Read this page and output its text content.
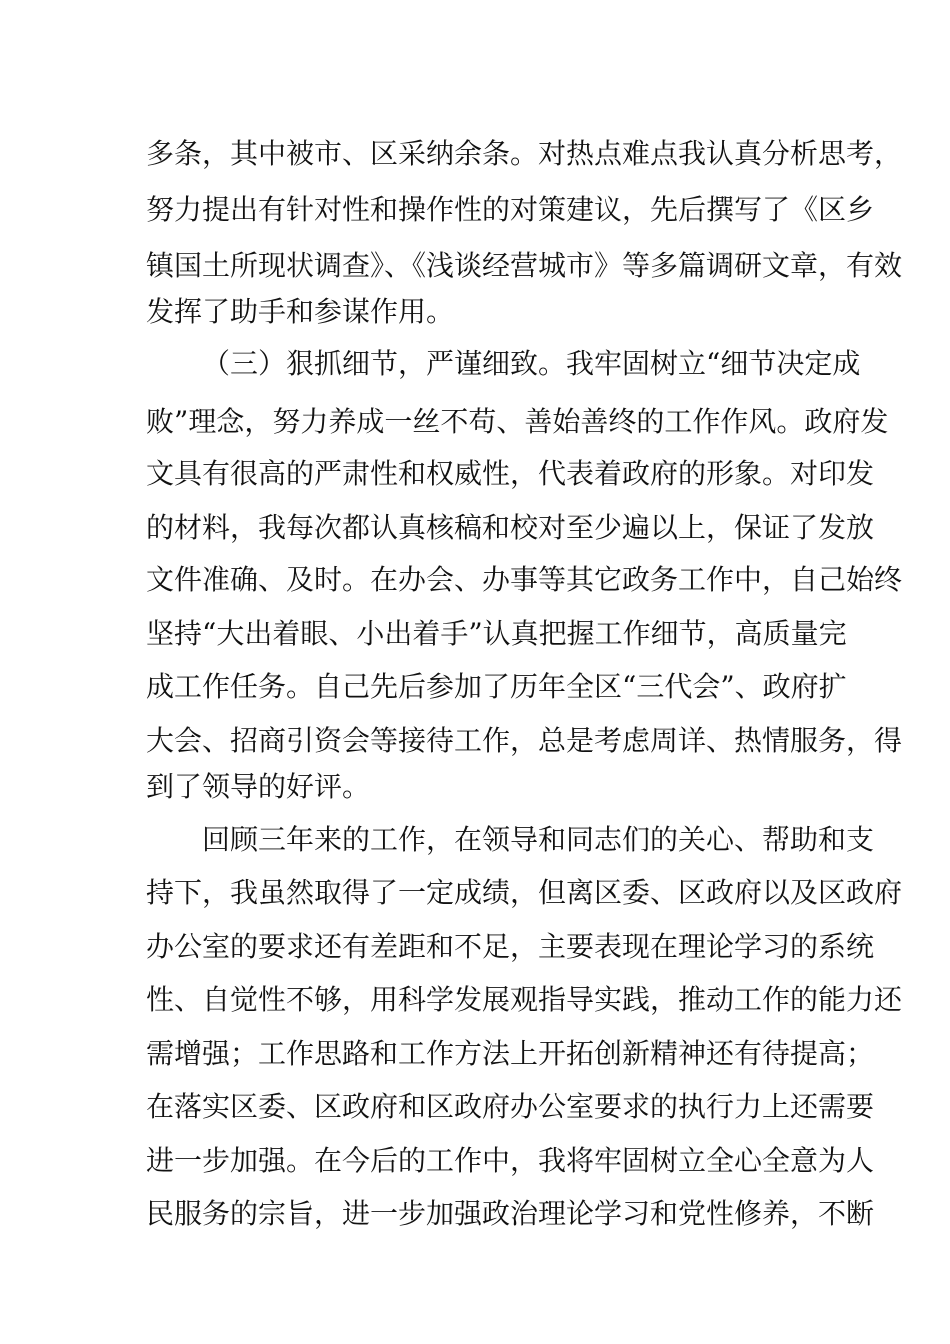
多条，其中被市、区采纳余条。对热点难点我认真分析思考，
努力提出有针对性和操作性的对策建议，先后撰写了《区乡
镇国土所现状调查》、《浅谈经营城市》等多篇调研文章，有效
发挥了助手和参谋作用。
（三）狠抓细节，严谨细致。我牢固树立“细节决定成
败”理念，努力养成一丝不苟、善始善终的工作作风。政府发
文具有很高的严肃性和权威性，代表着政府的形象。对印发
的材料，我每次都认真核稿和校对至少遍以上，保证了发放
文件准确、及时。在办会、办事等其它政务工作中，自己始终
坚持“大出着眼、小出着手”认真把握工作细节，高质量完
成工作任务。自己先后参加了历年全区“三代会”、政府扩
大会、招商引资会等接待工作，总是考虑周详、热情服务，得
到了领导的好评。
回顾三年来的工作，在领导和同志们的关心、帮助和支
持下，我虽然取得了一定成绩，但离区委、区政府以及区政府
办公室的要求还有差距和不足，主要表现在理论学习的系统
性、自觉性不够，用科学发展观指导实践，推动工作的能力还
需增强；工作思路和工作方法上开拓创新精神还有待提高；
在落实区委、区政府和区政府办公室要求的执行力上还需要
进一步加强。在今后的工作中，我将牢固树立全心全意为人
民服务的宗旨，进一步加强政治理论学习和党性修养，不断
